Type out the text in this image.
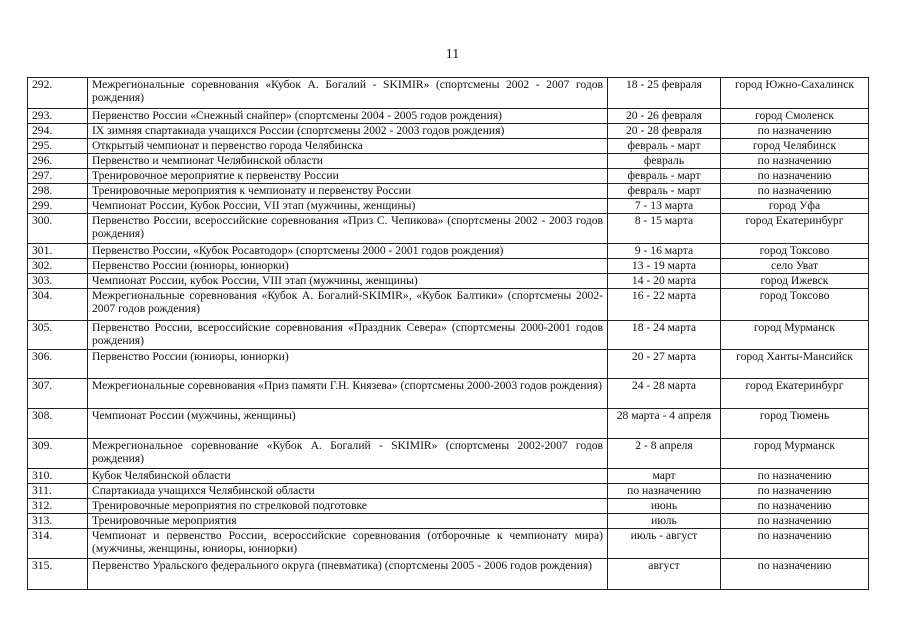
11
292.	Межрегиональные соревнования «Кубок А. Богалий - SKIMIR» (спортсмены 2002 - 2007 годов рождения)	18 - 25 февраля	город Южно-Сахалинск
293.	Первенство России «Снежный снайпер» (спортсмены 2004 - 2005 годов рождения)	20 - 26 февраля	город Смоленск
294.	IX зимняя спартакиада учащихся России (спортсмены 2002 - 2003 годов рождения)	20 - 28 февраля	по назначению
295.	Открытый чемпионат и первенство города Челябинска	февраль - март	город Челябинск
296.	Первенство и чемпионат Челябинской области	февраль	по назначению
297.	Тренировочное мероприятие к первенству России	февраль - март	по назначению
298.	Тренировочные мероприятия к чемпионату и первенству России	февраль - март	по назначению
299.	Чемпионат России, Кубок России, VII этап (мужчины, женщины)	7 - 13 марта	город Уфа
300.	Первенство России, всероссийские соревнования «Приз С. Чепикова» (спортсмены 2002 - 2003 годов рождения)	8 - 15 марта	город Екатеринбург
301.	Первенство России, «Кубок Росавтодор» (спортсмены 2000 - 2001 годов рождения)	9 - 16 марта	город Токсово
302.	Первенство России (юниоры, юниорки)	13 - 19 марта	село Уват
303.	Чемпионат России, кубок России, VIII этап (мужчины, женщины)	14 - 20 марта	город Ижевск
304.	Межрегиональные соревнования «Кубок А. Богалий-SKIMIR», «Кубок Балтики» (спортсмены 2002-2007 годов рождения)	16 - 22 марта	город Токсово
305.	Первенство России, всероссийские соревнования «Праздник Севера» (спортсмены 2000-2001 годов рождения)	18 - 24 марта	город Мурманск
306.	Первенство России (юниоры, юниорки)	20 - 27 марта	город Ханты-Мансийск
307.	Межрегиональные соревнования «Приз памяти Г.Н. Князева» (спортсмены 2000-2003 годов рождения)	24 - 28 марта	город Екатеринбург
308.	Чемпионат России (мужчины, женщины)	28 марта - 4 апреля	город Тюмень
309.	Межрегиональное соревнование «Кубок А. Богалий - SKIMIR» (спортсмены 2002-2007 годов рождения)	2 - 8 апреля	город Мурманск
310.	Кубок Челябинской области	март	по назначению
311.	Спартакиада учащихся Челябинской области	по назначению	по назначению
312.	Тренировочные мероприятия по стрелковой подготовке	июнь	по назначению
313.	Тренировочные мероприятия	июль	по назначению
314.	Чемпионат и первенство России, всероссийские соревнования (отборочные к чемпионату мира) (мужчины, женщины, юниоры, юниорки)	июль - август	по назначению
315.	Первенство Уральского федерального округа (пневматика) (спортсмены 2005 - 2006 годов рождения)	август	по назначению
